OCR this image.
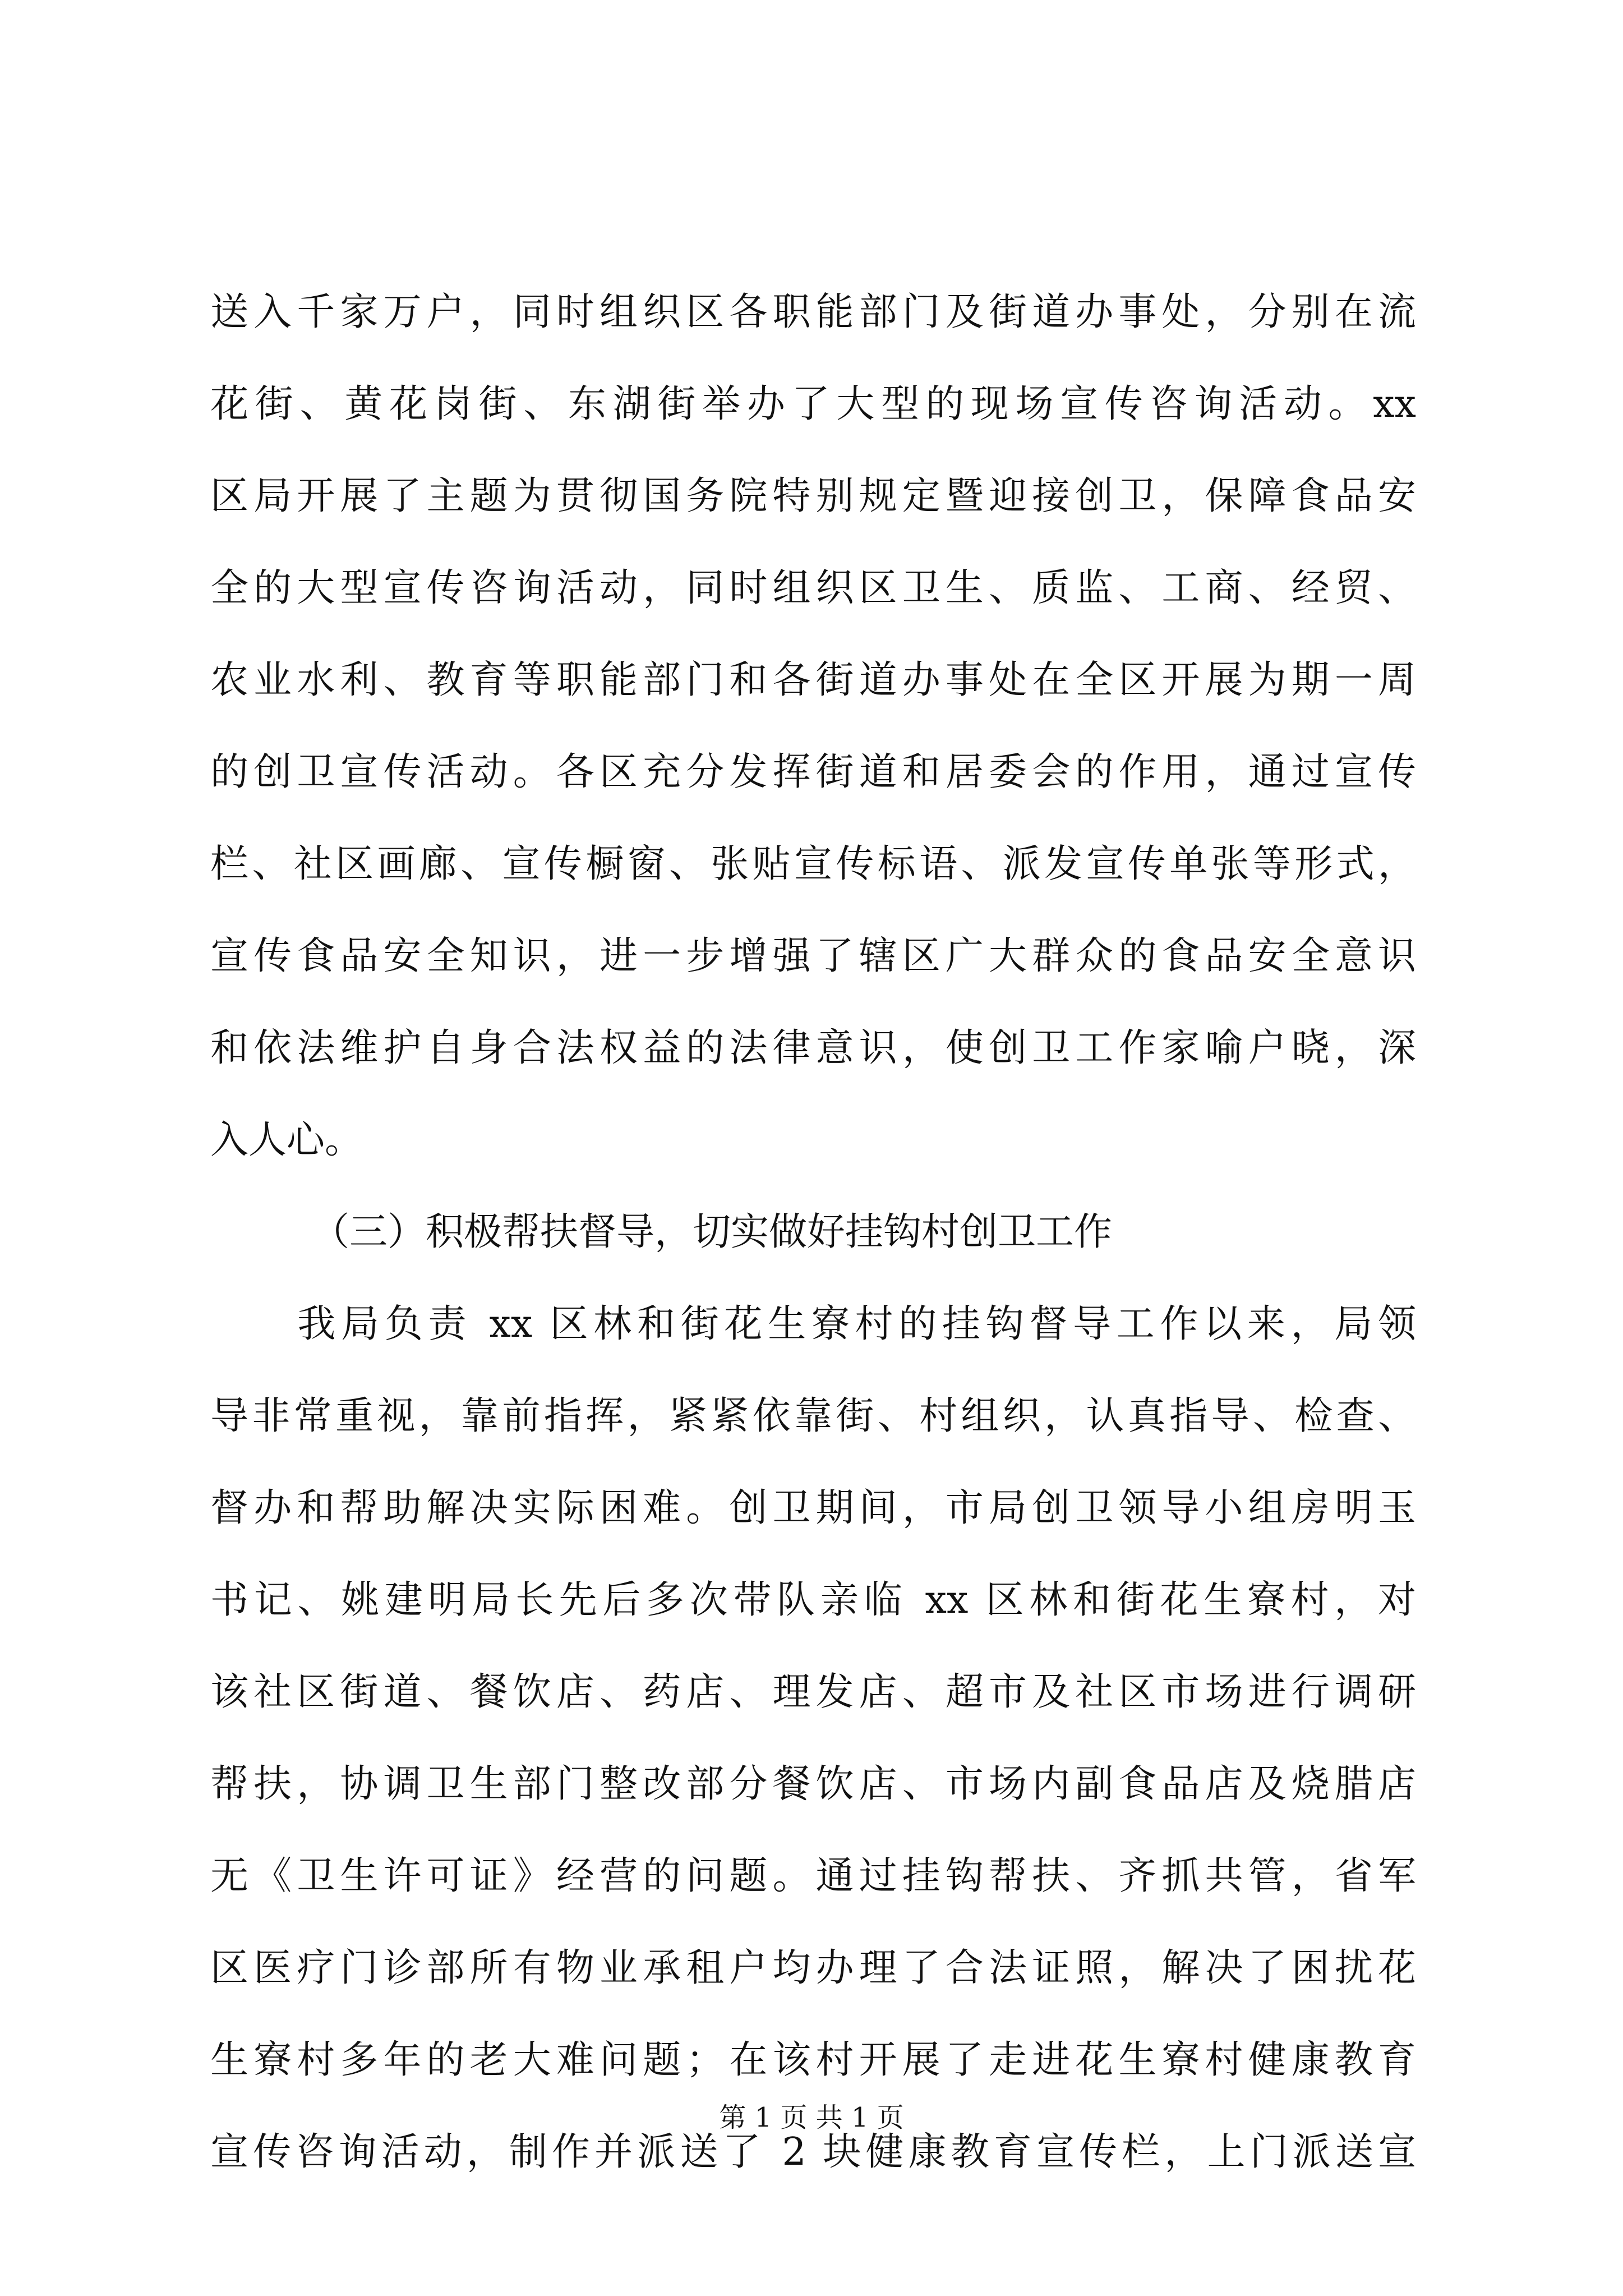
送入千家万户，同时组织区各职能部门及街道办事处，分别在流
花街、黄花岗街、东湖街举办了大型的现场宣传咨询活动。xx
区局开展了主题为贯彻国务院特别规定暨迎接创卫，保障食品安
全的大型宣传咨询活动，同时组织区卫生、质监、工商、经贸、
农业水利、教育等职能部门和各街道办事处在全区开展为期一周
的创卫宣传活动。各区充分发挥街道和居委会的作用，通过宣传
栏、社区画廊、宣传橱窗、张贴宣传标语、派发宣传单张等形式，
宣传食品安全知识，进一步增强了辖区广大群众的食品安全意识
和依法维护自身合法权益的法律意识，使创卫工作家喻户晓，深
入人心。
（三）积极帮扶督导，切实做好挂钩村创卫工作
　　我局负责 xx 区林和街花生寮村的挂钩督导工作以来，局领
导非常重视，靠前指挥，紧紧依靠街、村组织，认真指导、检查、
督办和帮助解决实际困难。创卫期间，市局创卫领导小组房明玉
书记、姚建明局长先后多次带队亲临 xx 区林和街花生寮村，对
该社区街道、餐饮店、药店、理发店、超市及社区市场进行调研
帮扶，协调卫生部门整改部分餐饮店、市场内副食品店及烧腊店
无《卫生许可证》经营的问题。通过挂钩帮扶、齐抓共管，省军
区医疗门诊部所有物业承租户均办理了合法证照，解决了困扰花
生寮村多年的老大难问题；在该村开展了走进花生寮村健康教育
宣传咨询活动，制作并派送了 2 块健康教育宣传栏，上门派送宣
第 1 页 共 1 页
